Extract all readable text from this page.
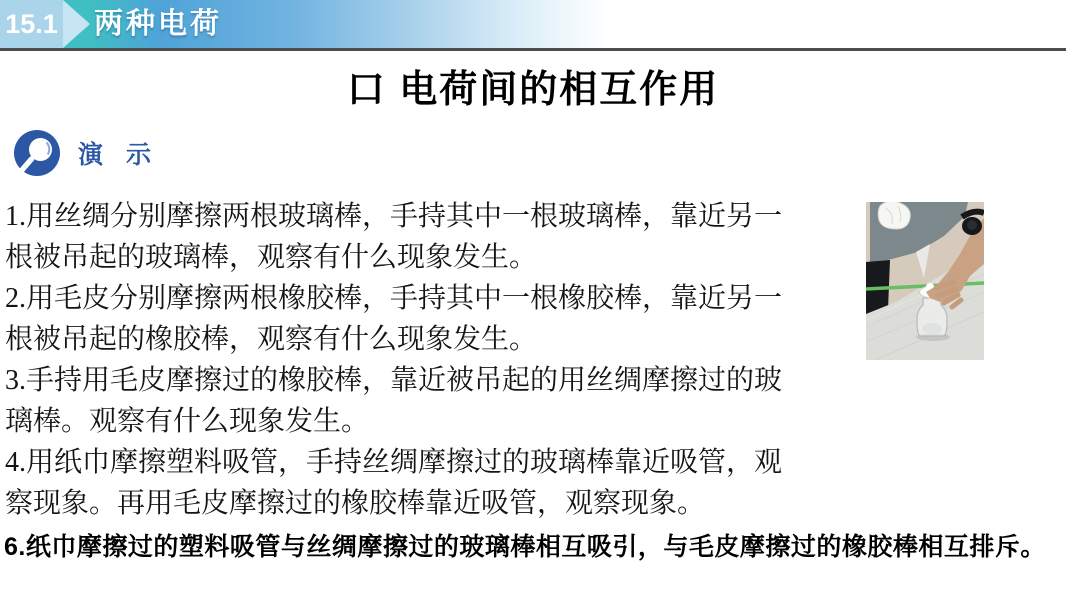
15.1 两种电荷
口 电荷间的相互作用
演 示
1.用丝绸分别摩擦两根玻璃棒，手持其中一根玻璃棒，靠近另一
根被吊起的玻璃棒，观察有什么现象发生。
2.用毛皮分别摩擦两根橡胶棒，手持其中一根橡胶棒，靠近另一
根被吊起的橡胶棒，观察有什么现象发生。
3.手持用毛皮摩擦过的橡胶棒，靠近被吊起的用丝绸摩擦过的玻
璃棒。观察有什么现象发生。
4.用纸巾摩擦塑料吸管，手持丝绸摩擦过的玻璃棒靠近吸管，观
察现象。再用毛皮摩擦过的橡胶棒靠近吸管，观察现象。
6.纸巾摩擦过的塑料吸管与丝绸摩擦过的玻璃棒相互吸引，与毛皮摩擦过的橡胶棒相互排斥。
